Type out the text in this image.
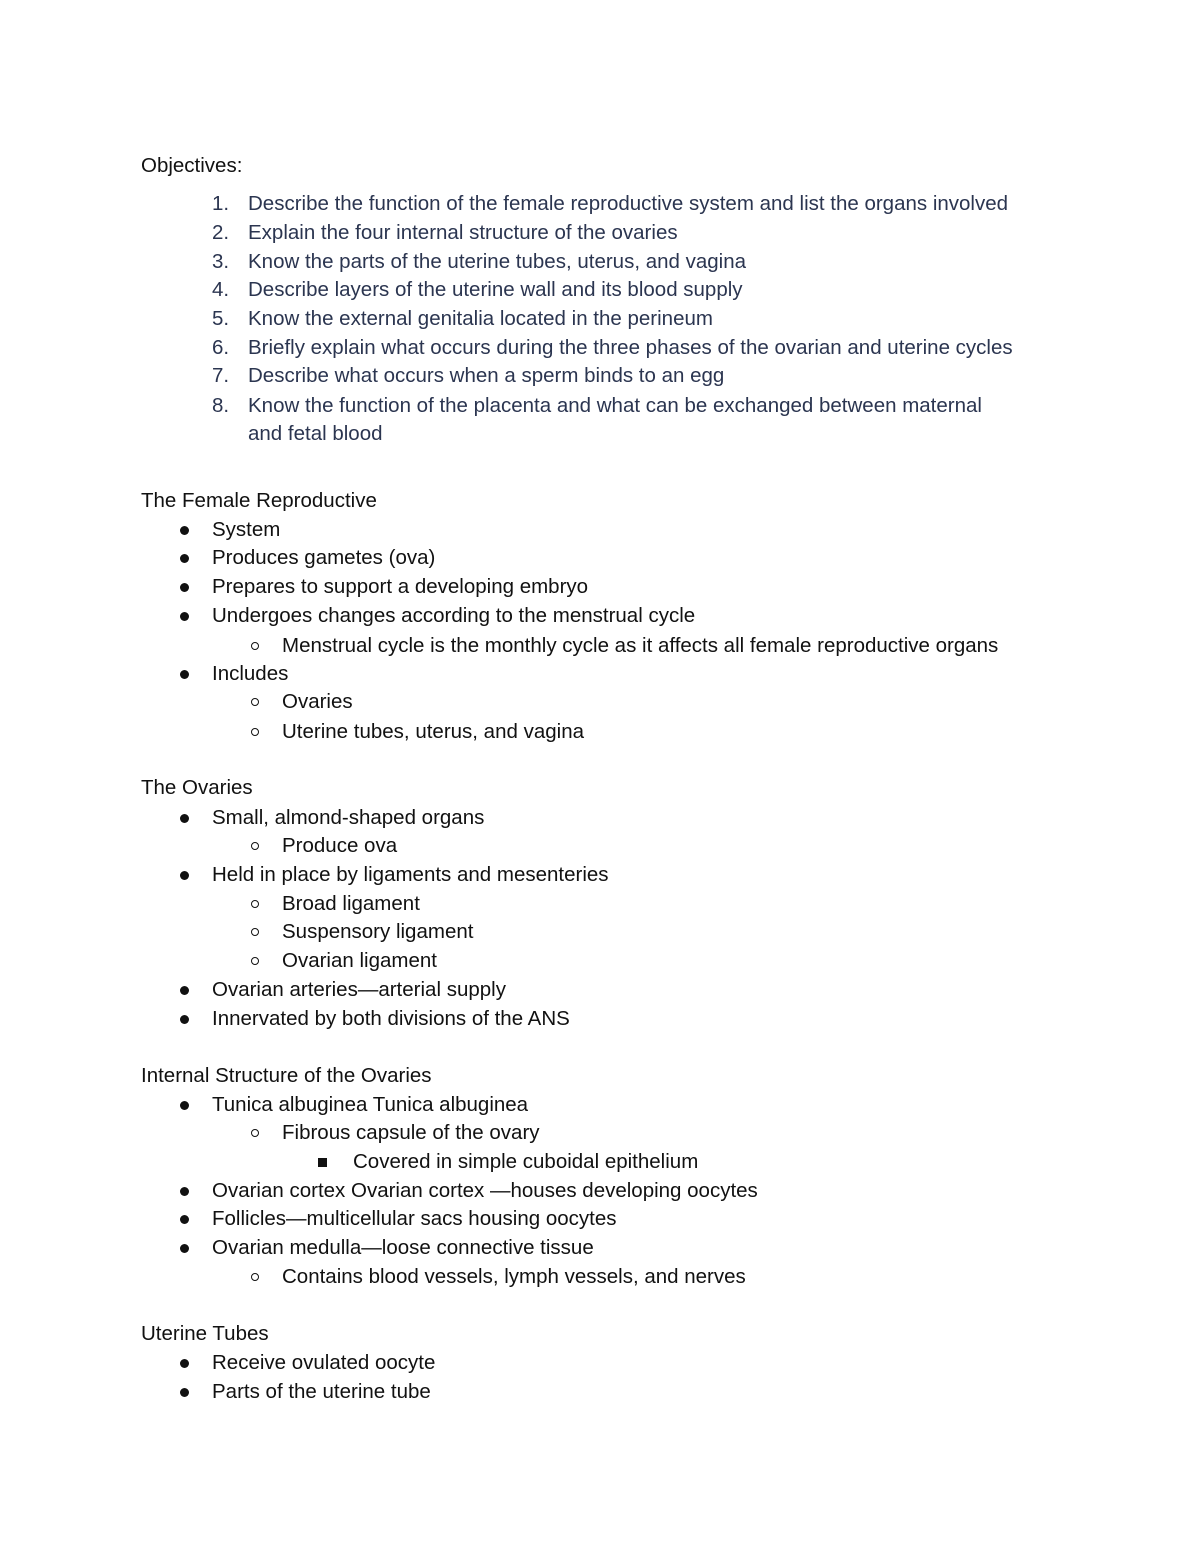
Objectives:
1. Describe the function of the female reproductive system and list the organs involved
2. Explain the four internal structure of the ovaries
3. Know the parts of the uterine tubes, uterus, and vagina
4. Describe layers of the uterine wall and its blood supply
5. Know the external genitalia located in the perineum
6. Briefly explain what occurs during the three phases of the ovarian and uterine cycles
7. Describe what occurs when a sperm binds to an egg
8. Know the function of the placenta and what can be exchanged between maternal
and fetal blood
The Female Reproductive
System
Produces gametes (ova)
Prepares to support a developing embryo
Undergoes changes according to the menstrual cycle
Menstrual cycle is the monthly cycle as it affects all female reproductive organs
Includes
Ovaries
Uterine tubes, uterus, and vagina
The Ovaries
Small, almond-shaped organs
Produce ova
Held in place by ligaments and mesenteries
Broad ligament
Suspensory ligament
Ovarian ligament
Ovarian arteries—arterial supply
Innervated by both divisions of the ANS
Internal Structure of the Ovaries
Tunica albuginea Tunica albuginea
Fibrous capsule of the ovary
Covered in simple cuboidal epithelium
Ovarian cortex Ovarian cortex —houses developing oocytes
Follicles—multicellular sacs housing oocytes
Ovarian medulla—loose connective tissue
Contains blood vessels, lymph vessels, and nerves
Uterine Tubes
Receive ovulated oocyte
Parts of the uterine tube
